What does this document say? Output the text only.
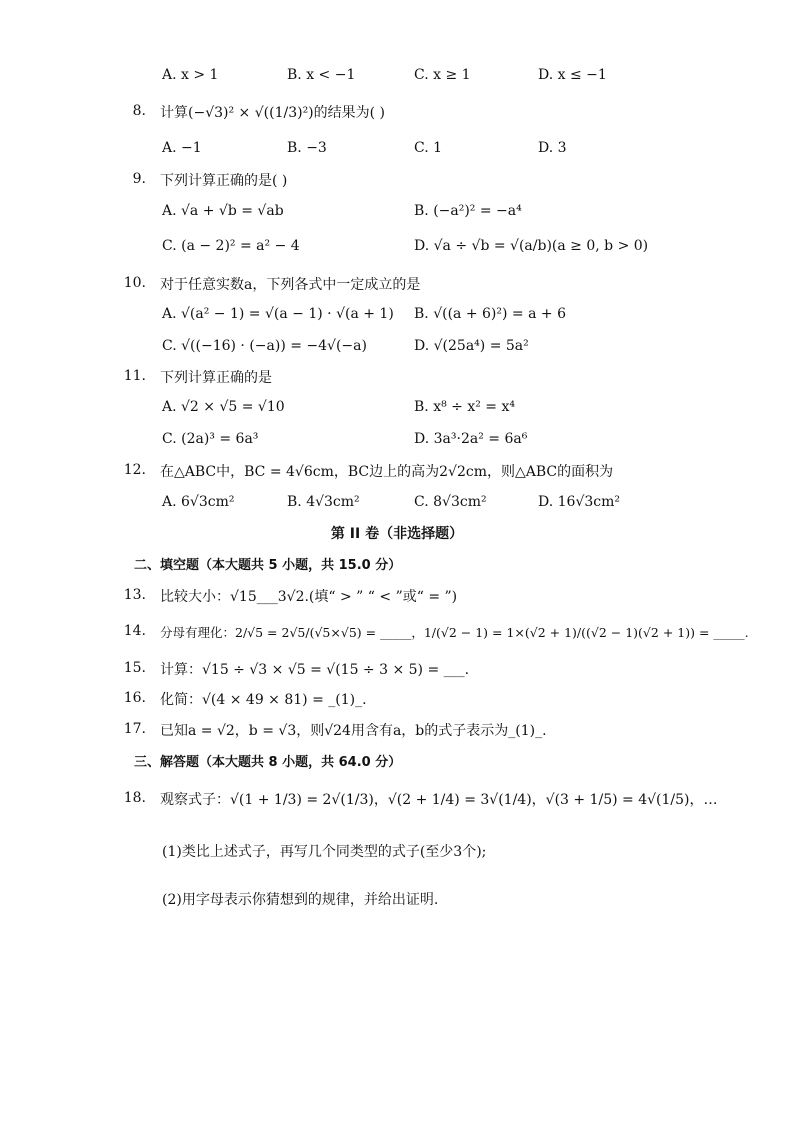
A. x > 1	B. x < −1	C. x ≥ 1	D. x ≤ −1
8. 计算(−√3)² × √((1/3)²)的结果为( )
A. −1	B. −3	C. 1	D. 3
9. 下列计算正确的是( )
A. √a + √b = √ab	B. (−a²)² = −a⁴
C. (a − 2)² = a² − 4	D. √a ÷ √b = √(a/b)(a ≥ 0, b > 0)
10. 对于任意实数a，下列各式中一定成立的是
A. √(a² − 1) = √(a − 1) · √(a + 1) B. √((a + 6)²) = a + 6
C. √((−16) · (−a)) = −4√(−a)	D. √(25a⁴) = 5a²
11. 下列计算正确的是
A. √2 × √5 = √10	B. x⁸ ÷ x² = x⁴
C. (2a)³ = 6a³	D. 3a³·2a² = 6a⁶
12. 在△ABC中，BC = 4√6cm，BC边上的高为2√2cm，则△ABC的面积为
A. 6√3cm²	B. 4√3cm²	C. 8√3cm²	D. 16√3cm²
第 II 卷（非选择题）
二、填空题（本大题共 5 小题，共 15.0 分）
13. 比较大小：√15___3√2.(填“ > ” “ < ”或“ = ”)
14. 分母有理化：2/√5 = 2√5/(√5×√5) = _____，1/(√2 − 1) = 1×(√2 + 1)/((√2 − 1)(√2 + 1)) = _____.
15. 计算：√15 ÷ √3 × √5 = √(15 ÷ 3 × 5) = ___.
16. 化简：√(4 × 49 × 81) = _(1)_.
17. 已知a = √2，b = √3，则√24用含有a，b的式子表示为_(1)_.
三、解答题（本大题共 8 小题，共 64.0 分）
18. 观察式子：√(1 + 1/3) = 2√(1/3)，√(2 + 1/4) = 3√(1/4)，√(3 + 1/5) = 4√(1/5)，…
(1)类比上述式子，再写几个同类型的式子(至少3个);
(2)用字母表示你猜想到的规律，并给出证明.
